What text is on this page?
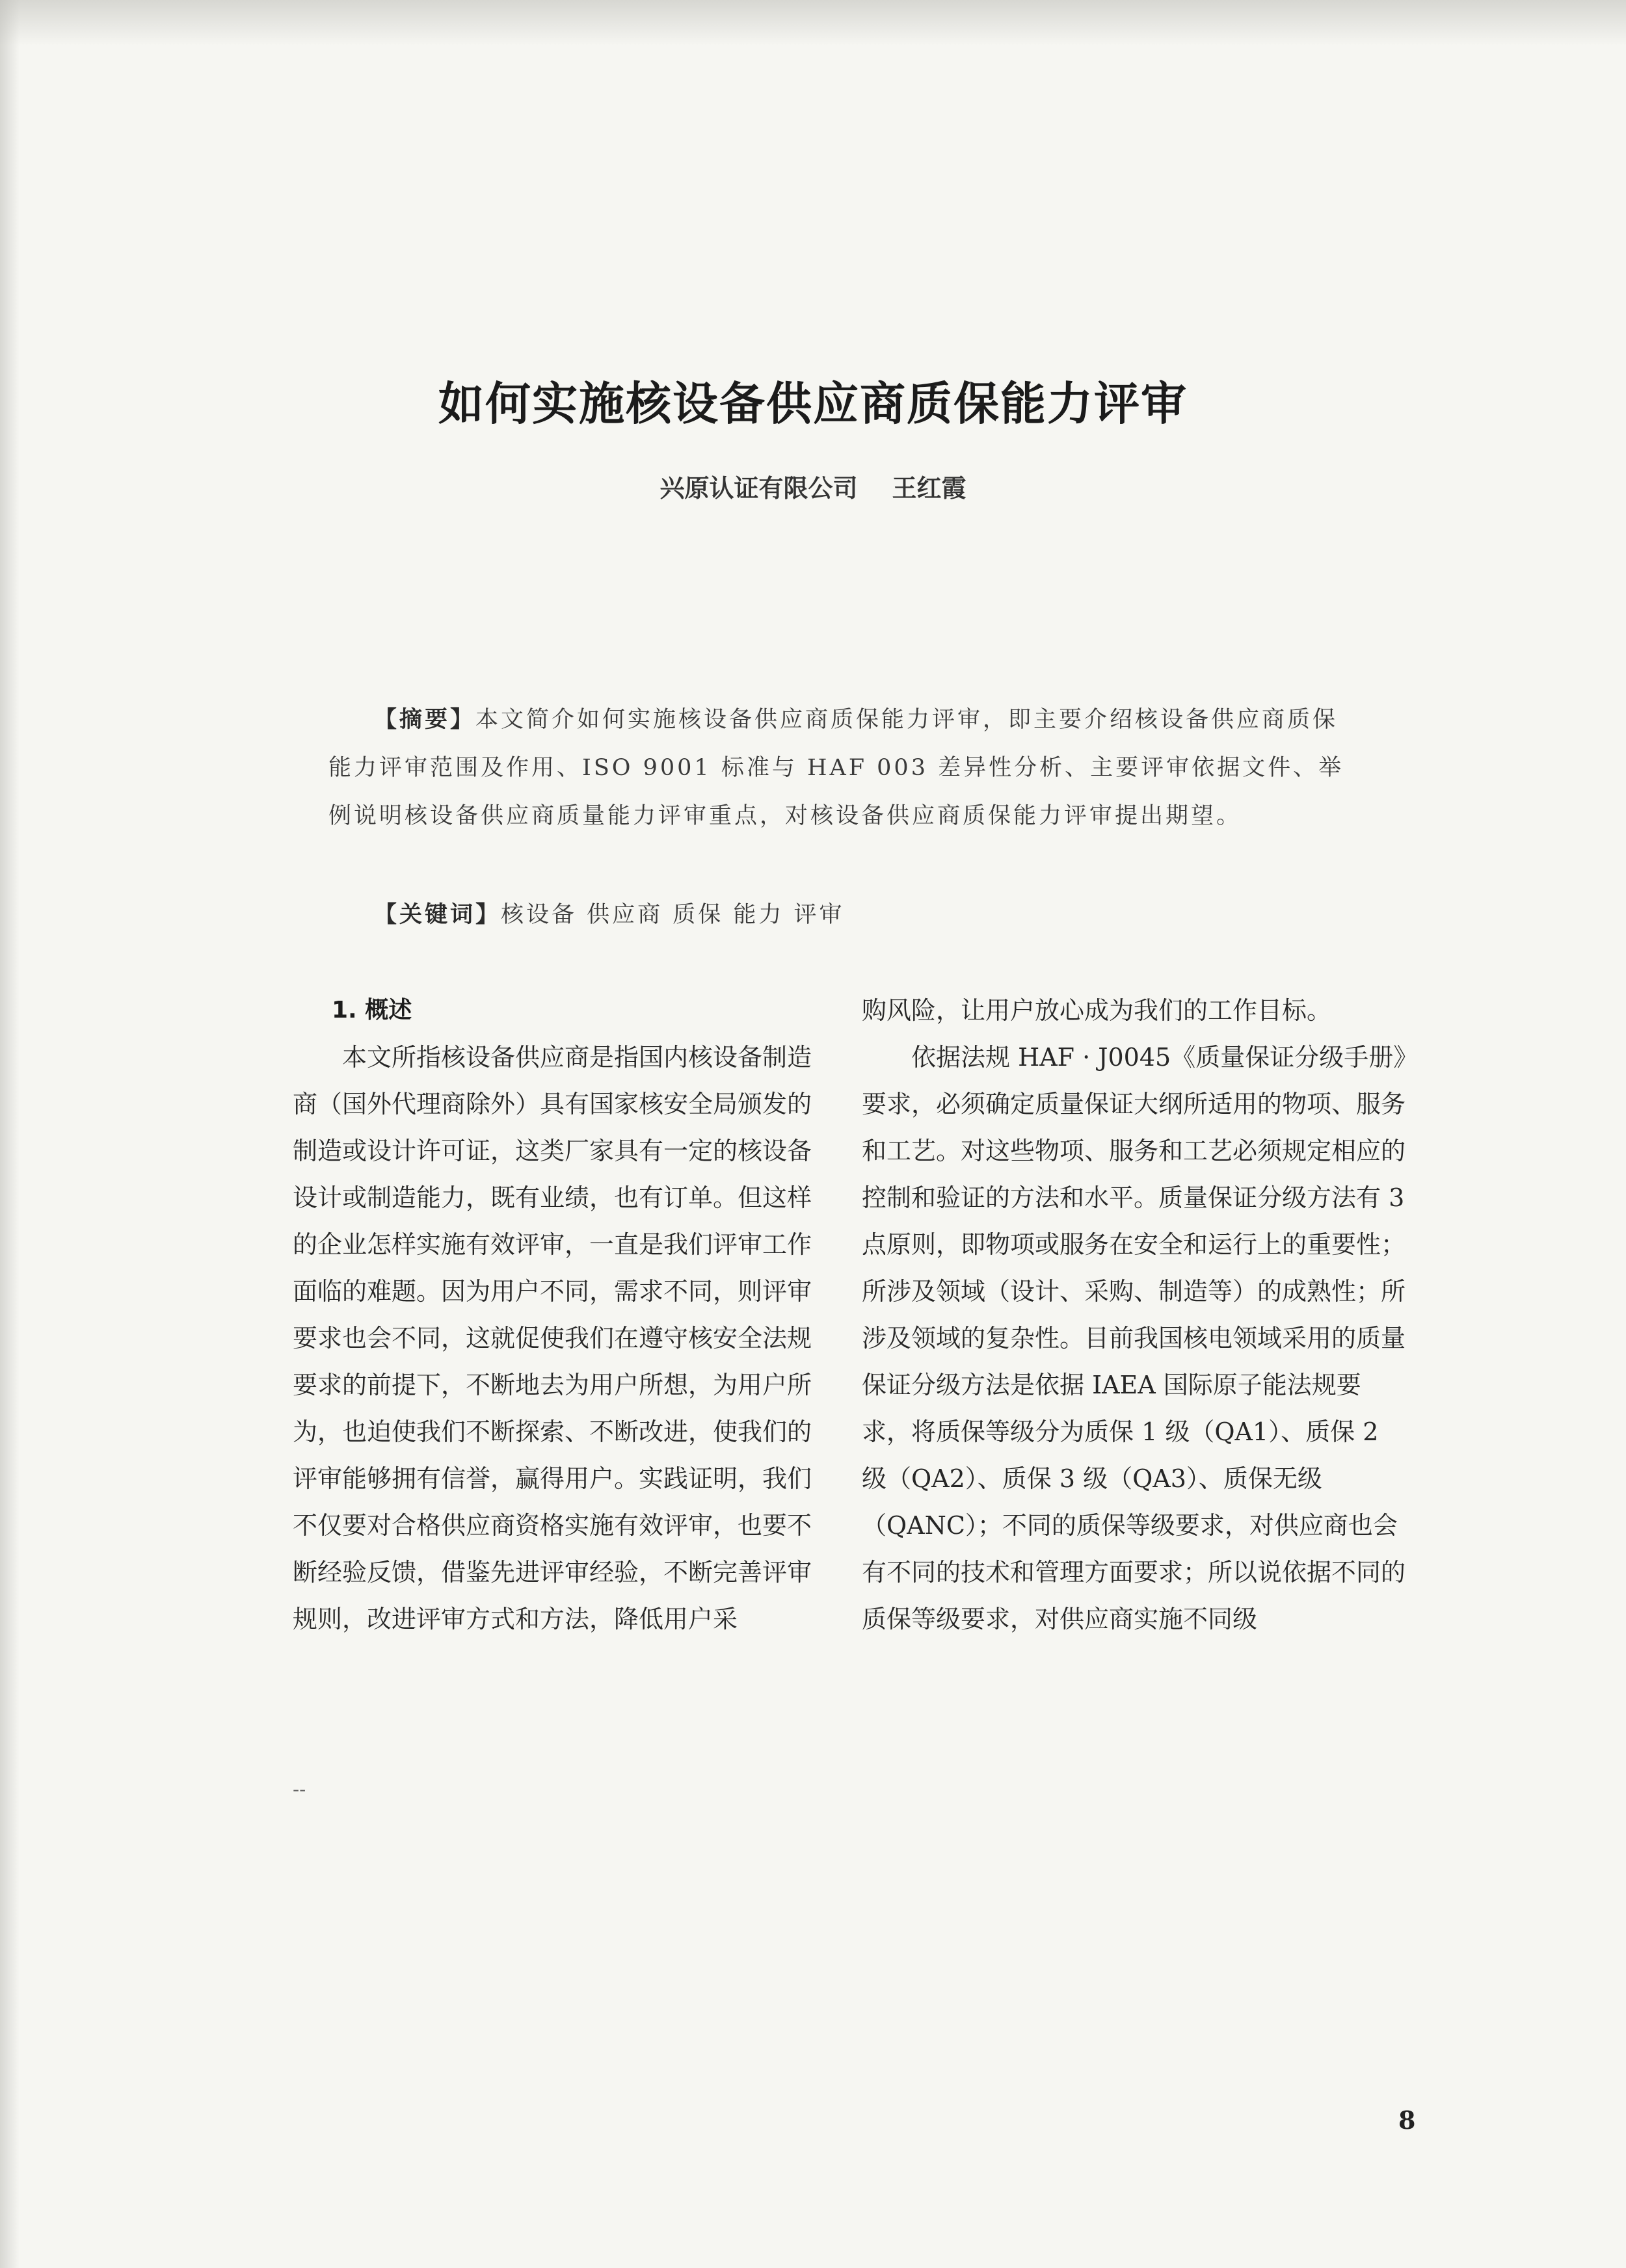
如何实施核设备供应商质保能力评审
兴原认证有限公司    王红霞

【摘要】本文简介如何实施核设备供应商质保能力评审，即主要介绍核设备供应商质保能力评审范围及作用、ISO 9001 标准与 HAF 003 差异性分析、主要评审依据文件、举例说明核设备供应商质量能力评审重点，对核设备供应商质保能力评审提出期望。

【关键词】核设备 供应商 质保 能力 评审

1. 概述

本文所指核设备供应商是指国内核设备制造商（国外代理商除外）具有国家核安全局颁发的制造或设计许可证，这类厂家具有一定的核设备设计或制造能力，既有业绩，也有订单。但这样的企业怎样实施有效评审，一直是我们评审工作面临的难题。因为用户不同，需求不同，则评审要求也会不同，这就促使我们在遵守核安全法规要求的前提下，不断地去为用户所想，为用户所为，也迫使我们不断探索、不断改进，使我们的评审能够拥有信誉，赢得用户。实践证明，我们不仅要对合格供应商资格实施有效评审，也要不断经验反馈，借鉴先进评审经验，不断完善评审规则，改进评审方式和方法，降低用户采

购风险，让用户放心成为我们的工作目标。

依据法规 HAF · J0045《质量保证分级手册》要求，必须确定质量保证大纲所适用的物项、服务和工艺。对这些物项、服务和工艺必须规定相应的控制和验证的方法和水平。质量保证分级方法有 3 点原则，即物项或服务在安全和运行上的重要性；所涉及领域（设计、采购、制造等）的成熟性；所涉及领域的复杂性。目前我国核电领域采用的质量保证分级方法是依据 IAEA 国际原子能法规要求，将质保等级分为质保 1 级（QA1）、质保 2 级（QA2）、质保 3 级（QA3）、质保无级（QANC）；不同的质保等级要求，对供应商也会有不同的技术和管理方面要求；所以说依据不同的质保等级要求，对供应商实施不同级

--
8
